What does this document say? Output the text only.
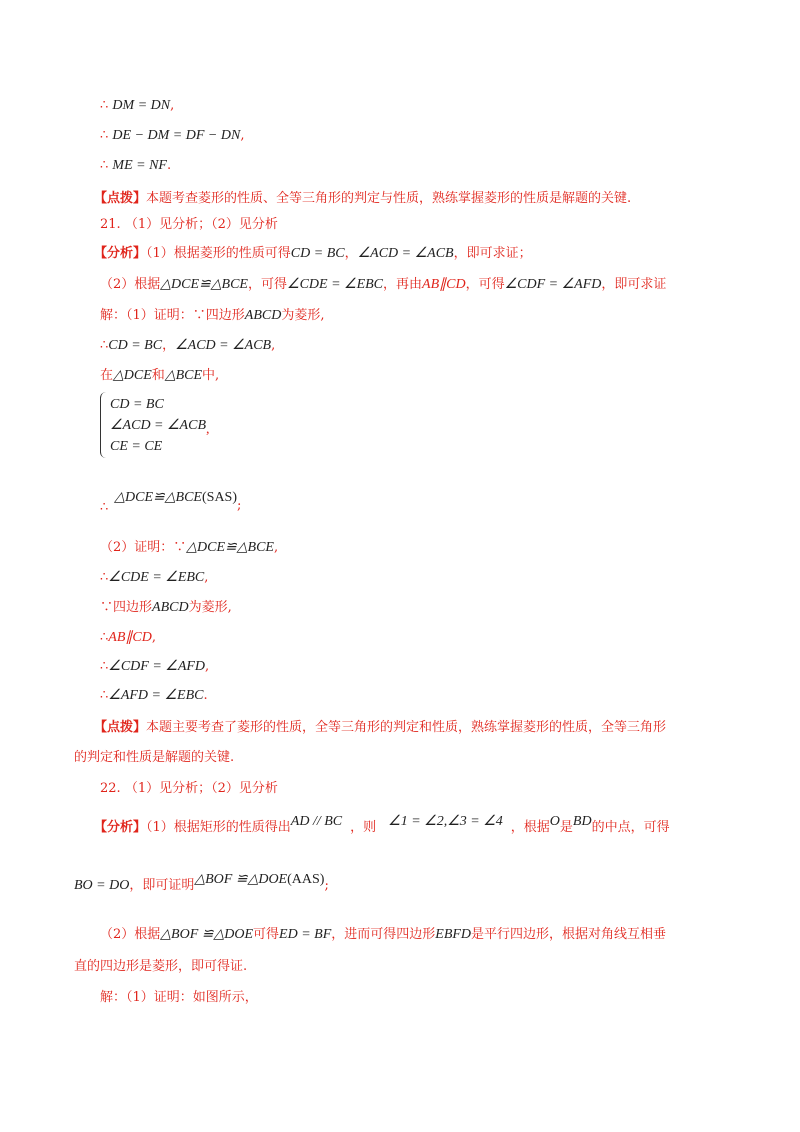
∴ DM = DN,
∴ DE − DM = DF − DN,
∴ ME = NF.
【点拨】本题考查菱形的性质、全等三角形的判定与性质，熟练掌握菱形的性质是解题的关键.
21. （1）见分析；（2）见分析
【分析】（1）根据菱形的性质可得CD = BC，∠ACD = ∠ACB，即可求证；
（2）根据△DCE≌△BCE，可得∠CDE = ∠EBC，再由AB∥CD，可得∠CDF = ∠AFD，即可求证
解：（1）证明：∵四边形ABCD为菱形,
∴CD = BC，∠ACD = ∠ACB,
在△DCE和△BCE中,
CD = BC
∠ACD = ∠ACB,
CE = CE
∴△DCE≌△BCE(SAS);
（2）证明：∵△DCE≌△BCE,
∴∠CDE = ∠EBC,
∵四边形ABCD为菱形,
∴AB∥CD,
∴∠CDF = ∠AFD,
∴∠AFD = ∠EBC.
【点拨】本题主要考查了菱形的性质，全等三角形的判定和性质，熟练掌握菱形的性质，全等三角形
的判定和性质是解题的关键.
22. （1）见分析；（2）见分析
【分析】（1）根据矩形的性质得出AD // BC ，则 ∠1 = ∠2,∠3 = ∠4 ，根据O是BD的中点，可得
BO = DO，即可证明△BOF ≌△DOE(AAS);
（2）根据△BOF ≌△DOE可得ED = BF，进而可得四边形EBFD是平行四边形，根据对角线互相垂
直的四边形是菱形，即可得证.
解：（1）证明：如图所示，
